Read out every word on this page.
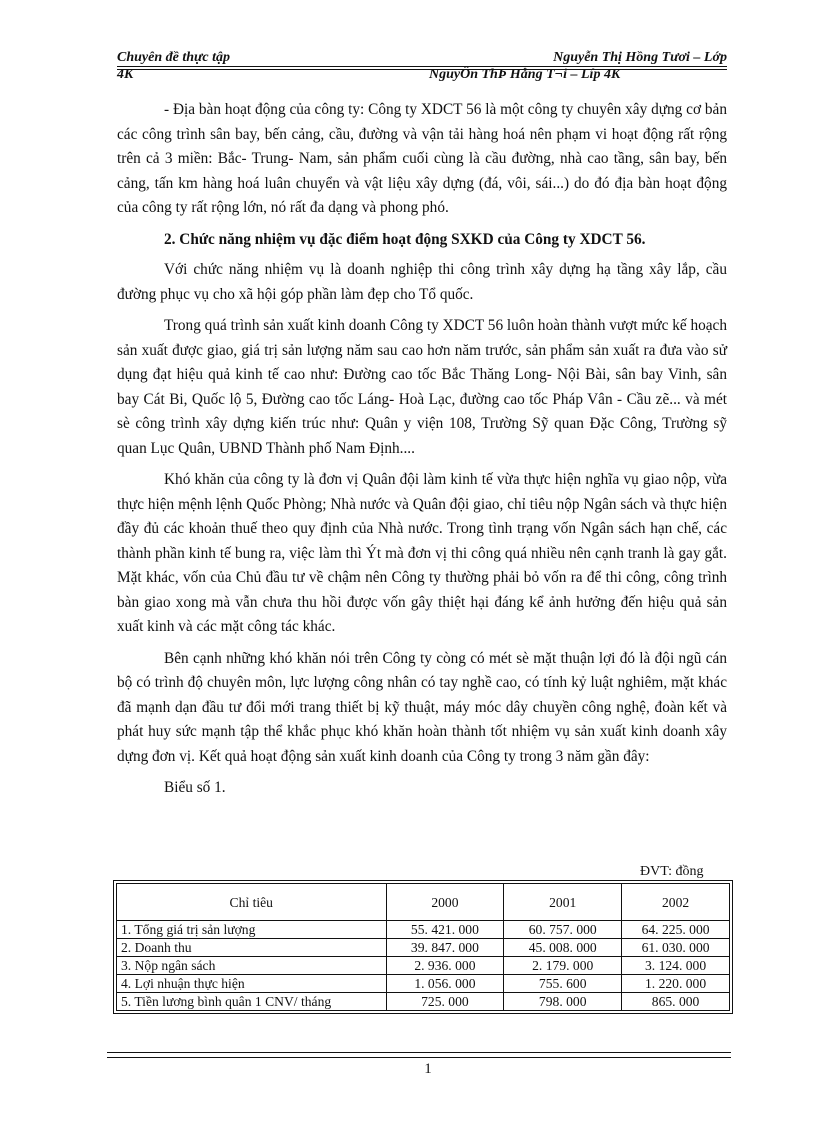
Chuyên đề thực tập	Nguyễn Thị Hồng Tươi – Lớp
4K	NguyÔn ThÞ Hång T¬i – Líp 4K

- Địa bàn hoạt động của công ty: Công ty XDCT 56 là một công ty chuyên xây dựng cơ bản các công trình sân bay, bến cảng, cầu, đường và vận tải hàng hoá nên phạm vi hoạt động rất rộng trên cả 3 miền: Bắc- Trung- Nam, sản phẩm cuối cùng là cầu đường, nhà cao tầng, sân bay, bến cảng, tấn km hàng hoá luân chuyển và vật liệu xây dựng (đá, vôi, sái...) do đó địa bàn hoạt động của công ty rất rộng lớn, nó rất đa dạng và phong phó.

2. Chức năng nhiệm vụ đặc điểm hoạt động SXKD của Công ty XDCT 56.

Với chức năng nhiệm vụ là doanh nghiệp thi công trình xây dựng hạ tầng xây lắp, cầu đường phục vụ cho xã hội góp phần làm đẹp cho Tổ quốc.

Trong quá trình sản xuất kinh doanh Công ty XDCT 56 luôn hoàn thành vượt mức kế hoạch sản xuất được giao, giá trị sản lượng năm sau cao hơn năm trước, sản phẩm sản xuất ra đưa vào sử dụng đạt hiệu quả kinh tế cao như: Đường cao tốc Bắc Thăng Long- Nội Bài, sân bay Vinh, sân bay Cát Bi, Quốc lộ 5, Đường cao tốc Láng- Hoà Lạc, đường cao tốc Pháp Vân - Cầu zẽ... và mét sè công trình xây dựng kiến trúc như: Quân y viện 108, Trường Sỹ quan Đặc Công, Trường sỹ quan Lục Quân, UBND Thành phố Nam Định....

Khó khăn của công ty là đơn vị Quân đội làm kinh tế vừa thực hiện nghĩa vụ giao nộp, vừa thực hiện mệnh lệnh Quốc Phòng; Nhà nước và Quân đội giao, chỉ tiêu nộp Ngân sách và thực hiện đầy đủ các khoản thuế theo quy định của Nhà nước. Trong tình trạng vốn Ngân sách hạn chế, các thành phần kinh tế bung ra, việc làm thì Ýt mà đơn vị thi công quá nhiều nên cạnh tranh là gay gắt. Mặt khác, vốn của Chủ đầu tư về chậm nên Công ty thường phải bỏ vốn ra để thi công, công trình bàn giao xong mà vẫn chưa thu hồi được vốn gây thiệt hại đáng kể ảnh hưởng đến hiệu quả sản xuất kinh và các mặt công tác khác.

Bên cạnh những khó khăn nói trên Công ty còng có mét sè mặt thuận lợi đó là đội ngũ cán bộ có trình độ chuyên môn, lực lượng công nhân có tay nghề cao, có tính kỷ luật nghiêm, mặt khác đã mạnh dạn đầu tư đổi mới trang thiết bị kỹ thuật, máy móc dây chuyền công nghệ, đoàn kết và phát huy sức mạnh tập thể khắc phục khó khăn hoàn thành tốt nhiệm vụ sản xuất kinh doanh xây dựng đơn vị. Kết quả hoạt động sản xuất kinh doanh của Công ty trong 3 năm gần đây:

Biểu số 1.

ĐVT: đồng
Chỉ tiêu	2000	2001	2002
1. Tổng giá trị sản lượng	55. 421. 000	60. 757. 000	64. 225. 000
2. Doanh thu	39. 847. 000	45. 008. 000	61. 030. 000
3. Nộp ngân sách	2. 936. 000	2. 179. 000	3. 124. 000
4. Lợi nhuận thực hiện	1. 056. 000	755. 600	1. 220. 000
5. Tiền lương bình quân 1 CNV/ tháng	725. 000	798. 000	865. 000
1
